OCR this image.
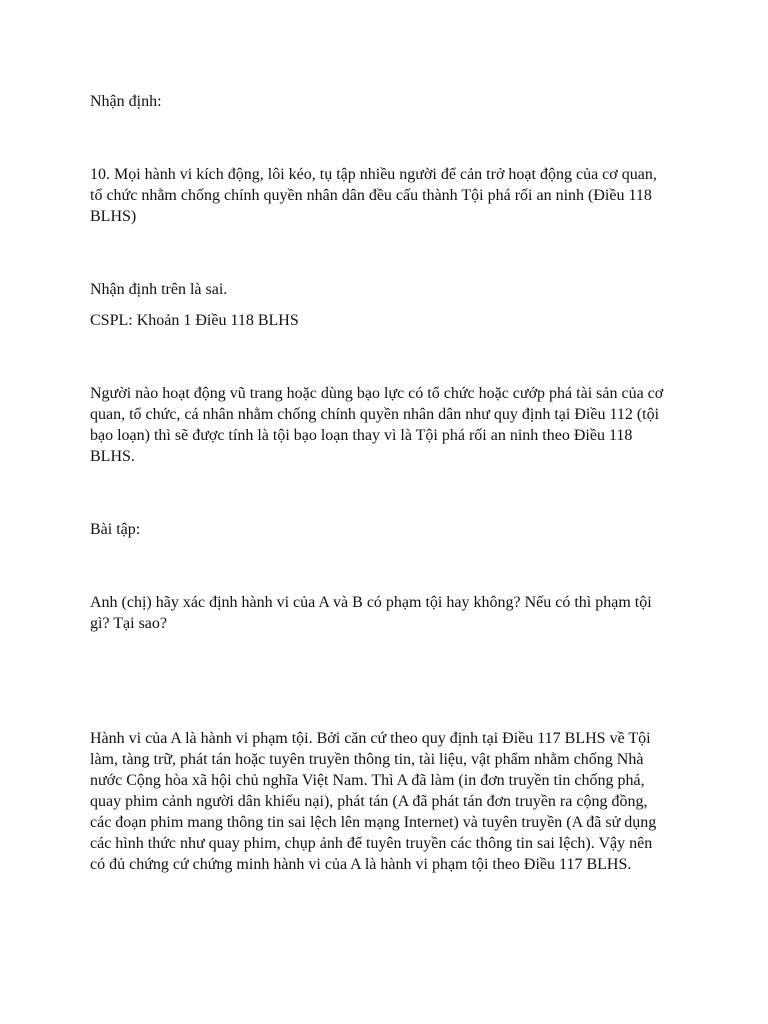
Nhận định:

10. Mọi hành vi kích động, lôi kéo, tụ tập nhiều người để cản trở hoạt động của cơ quan,
tổ chức nhằm chống chính quyền nhân dân đều cấu thành Tội phá rối an ninh (Điều 118
BLHS)

Nhận định trên là sai.

CSPL: Khoản 1 Điều 118 BLHS

Người nào hoạt động vũ trang hoặc dùng bạo lực có tổ chức hoặc cướp phá tài sản của cơ
quan, tổ chức, cá nhân nhằm chống chính quyền nhân dân như quy định tại Điều 112 (tội
bạo loạn) thì sẽ được tính là tội bạo loạn thay vì là Tội phá rối an ninh theo Điều 118
BLHS.

Bài tập:

Anh (chị) hãy xác định hành vi của A và B có phạm tội hay không? Nếu có thì phạm tội
gì? Tại sao?

Hành vi của A là hành vi phạm tội. Bởi căn cứ theo quy định tại Điều 117 BLHS về Tội
làm, tàng trữ, phát tán hoặc tuyên truyền thông tin, tài liệu, vật phẩm nhằm chống Nhà
nước Cộng hòa xã hội chủ nghĩa Việt Nam. Thì A đã làm (in đơn truyền tin chống phá,
quay phim cảnh người dân khiếu nại), phát tán (A đã phát tán đơn truyền ra cộng đồng,
các đoạn phim mang thông tin sai lệch lên mạng Internet) và tuyên truyền (A đã sử dụng
các hình thức như quay phim, chụp ảnh để tuyên truyền các thông tin sai lệch). Vậy nên
có đủ chứng cứ chứng minh hành vi của A là hành vi phạm tội theo Điều 117 BLHS.
